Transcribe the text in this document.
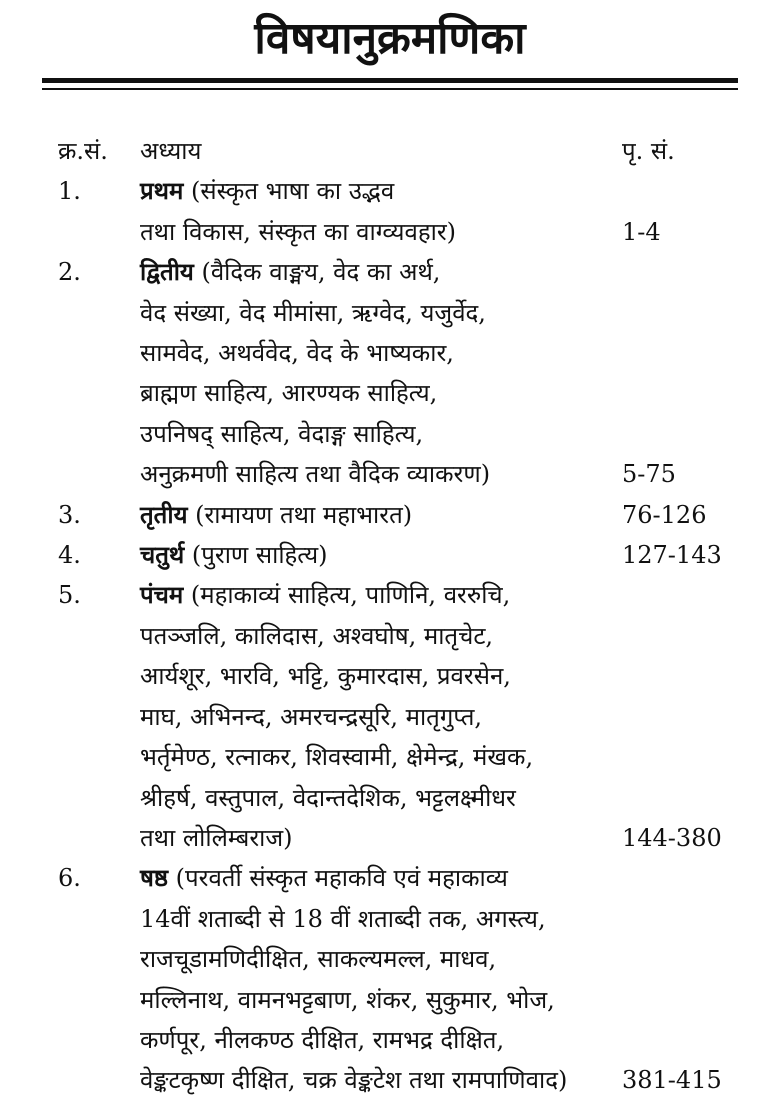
विषयानुक्रमणिका
क्र.सं. अध्याय	पृ. सं.
1. प्रथम (संस्कृत भाषा का उद्भव
तथा विकास, संस्कृत का वाग्व्यवहार)	1-4
2. द्वितीय (वैदिक वाङ्मय, वेद का अर्थ,
वेद संख्या, वेद मीमांसा, ऋग्वेद, यजुर्वेद,
सामवेद, अथर्ववेद, वेद के भाष्यकार,
ब्राह्मण साहित्य, आरण्यक साहित्य,
उपनिषद् साहित्य, वेदाङ्ग साहित्य,
अनुक्रमणी साहित्य तथा वैदिक व्याकरण)	5-75
3. तृतीय (रामायण तथा महाभारत)	76-126
4. चतुर्थ (पुराण साहित्य)	127-143
5. पंचम (महाकाव्यं साहित्य, पाणिनि, वररुचि,
पतञ्जलि, कालिदास, अश्वघोष, मातृचेट,
आर्यशूर, भारवि, भट्टि, कुमारदास, प्रवरसेन,
माघ, अभिनन्द, अमरचन्द्रसूरि, मातृगुप्त,
भर्तृमेण्ठ, रत्नाकर, शिवस्वामी, क्षेमेन्द्र, मंखक,
श्रीहर्ष, वस्तुपाल, वेदान्तदेशिक, भट्टलक्ष्मीधर
तथा लोलिम्बराज)	144-380
6. षष्ठ (परवर्ती संस्कृत महाकवि एवं महाकाव्य
14वीं शताब्दी से 18 वीं शताब्दी तक, अगस्त्य,
राजचूडामणिदीक्षित, साकल्यमल्ल, माधव,
मल्लिनाथ, वामनभट्टबाण, शंकर, सुकुमार, भोज,
कर्णपूर, नीलकण्ठ दीक्षित, रामभद्र दीक्षित,
वेङ्कटकृष्ण दीक्षित, चक्र वेङ्कटेश तथा रामपाणिवाद)	381-415
